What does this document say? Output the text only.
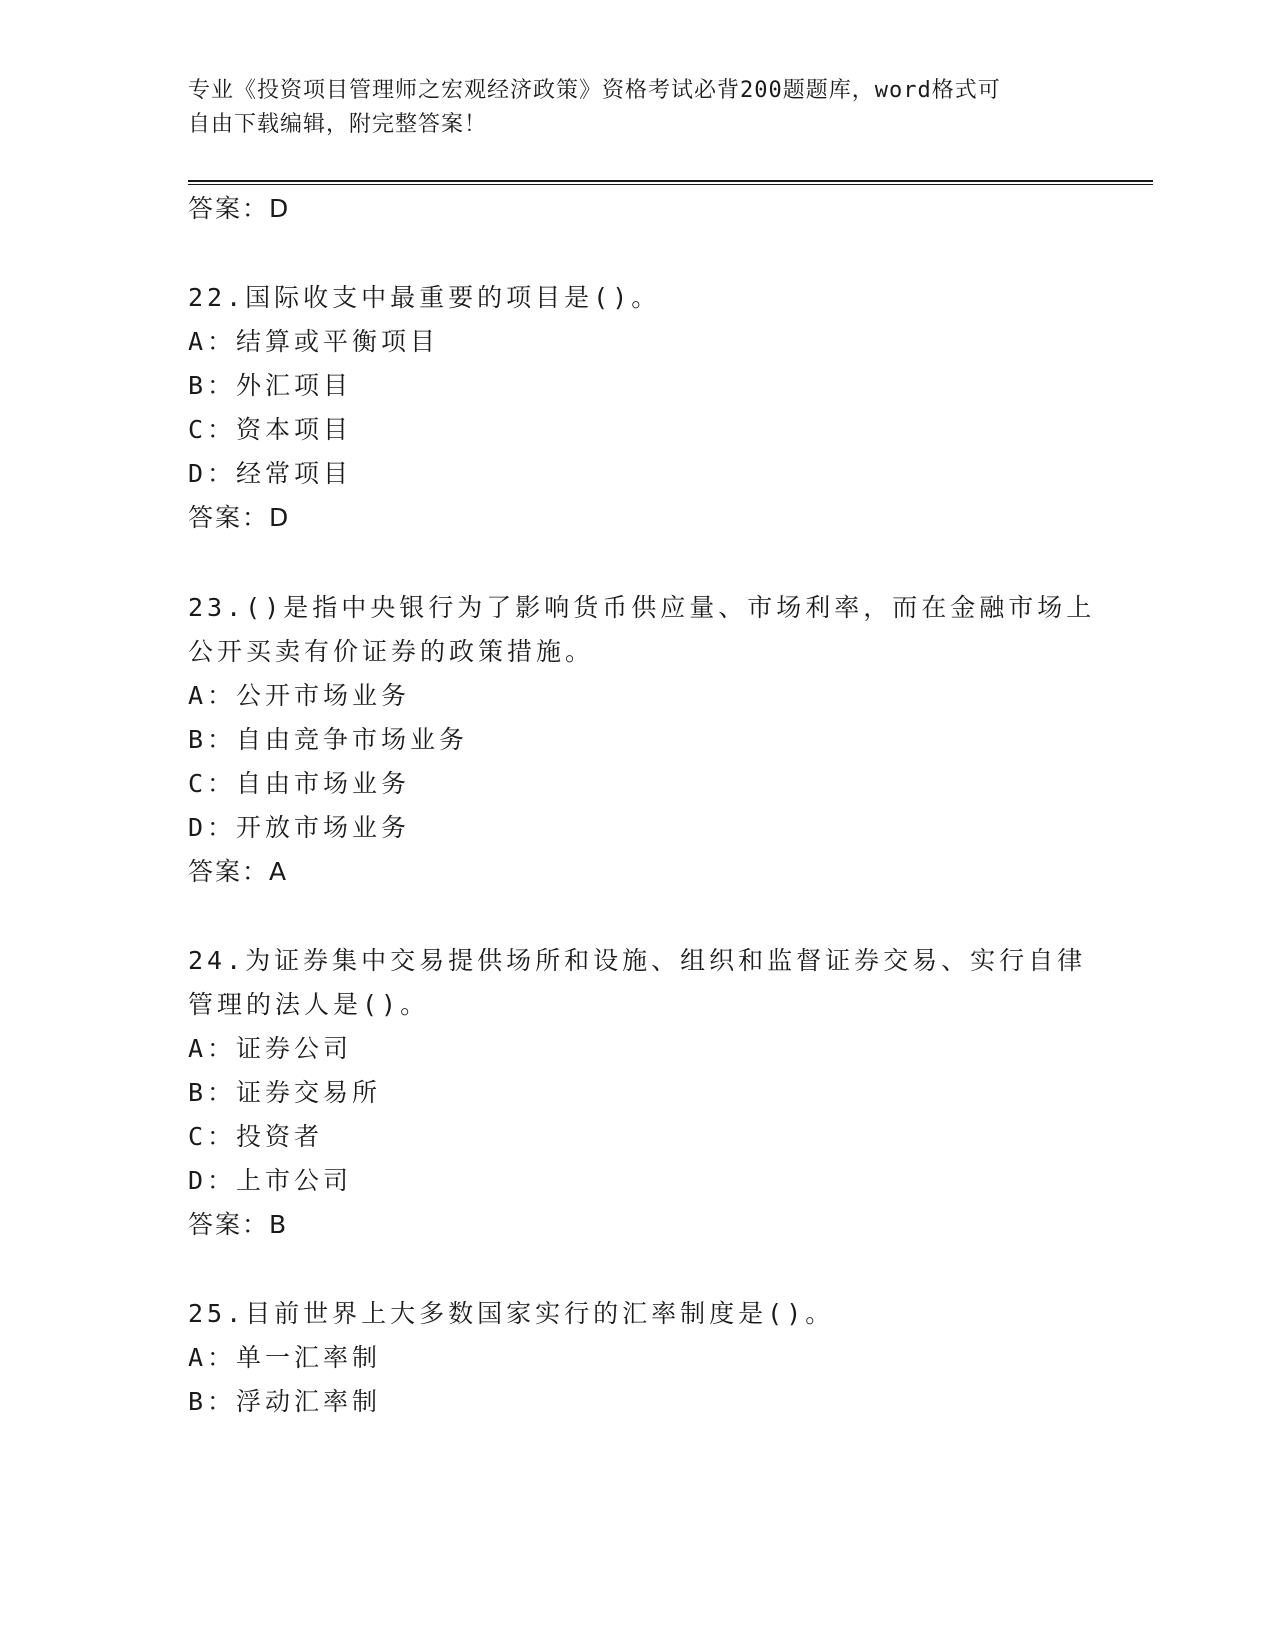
专业《投资项目管理师之宏观经济政策》资格考试必背200题题库，word格式可
自由下载编辑，附完整答案！
答案：D
22.国际收支中最重要的项目是()。
A：结算或平衡项目
B：外汇项目
C：资本项目
D：经常项目
答案：D
23.()是指中央银行为了影响货币供应量、市场利率，而在金融市场上
公开买卖有价证券的政策措施。
A：公开市场业务
B：自由竞争市场业务
C：自由市场业务
D：开放市场业务
答案：A
24.为证券集中交易提供场所和设施、组织和监督证券交易、实行自律
管理的法人是()。
A：证券公司
B：证券交易所
C：投资者
D：上市公司
答案：B
25.目前世界上大多数国家实行的汇率制度是()。
A：单一汇率制
B：浮动汇率制
